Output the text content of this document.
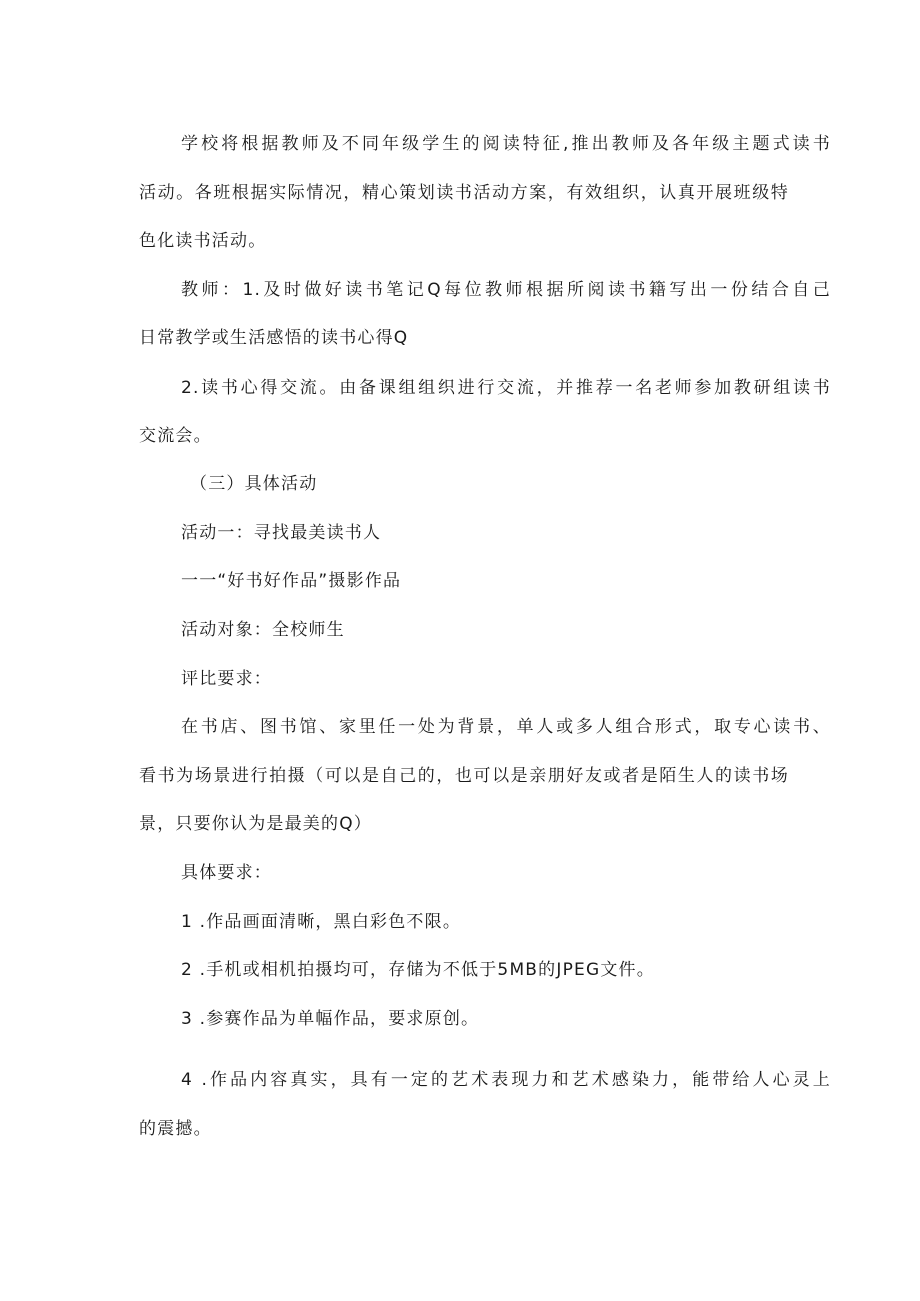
学校将根据教师及不同年级学生的阅读特征,推出教师及各年级主题式读书
活动。各班根据实际情况，精心策划读书活动方案，有效组织，认真开展班级特
色化读书活动。
教师：1.及时做好读书笔记Q每位教师根据所阅读书籍写出一份结合自己
日常教学或生活感悟的读书心得Q
2.读书心得交流。由备课组组织进行交流，并推荐一名老师参加教研组读书
交流会。
（三）具体活动
活动一：寻找最美读书人
一一“好书好作品”摄影作品
活动对象：全校师生
评比要求：
在书店、图书馆、家里任一处为背景，单人或多人组合形式，取专心读书、
看书为场景进行拍摄（可以是自己的，也可以是亲朋好友或者是陌生人的读书场
景，只要你认为是最美的Q）
具体要求：
1 .作品画面清晰，黑白彩色不限。
2 .手机或相机拍摄均可，存储为不低于5MB的JPEG文件。
3 .参赛作品为单幅作品，要求原创。
4 .作品内容真实，具有一定的艺术表现力和艺术感染力，能带给人心灵上
的震撼。
